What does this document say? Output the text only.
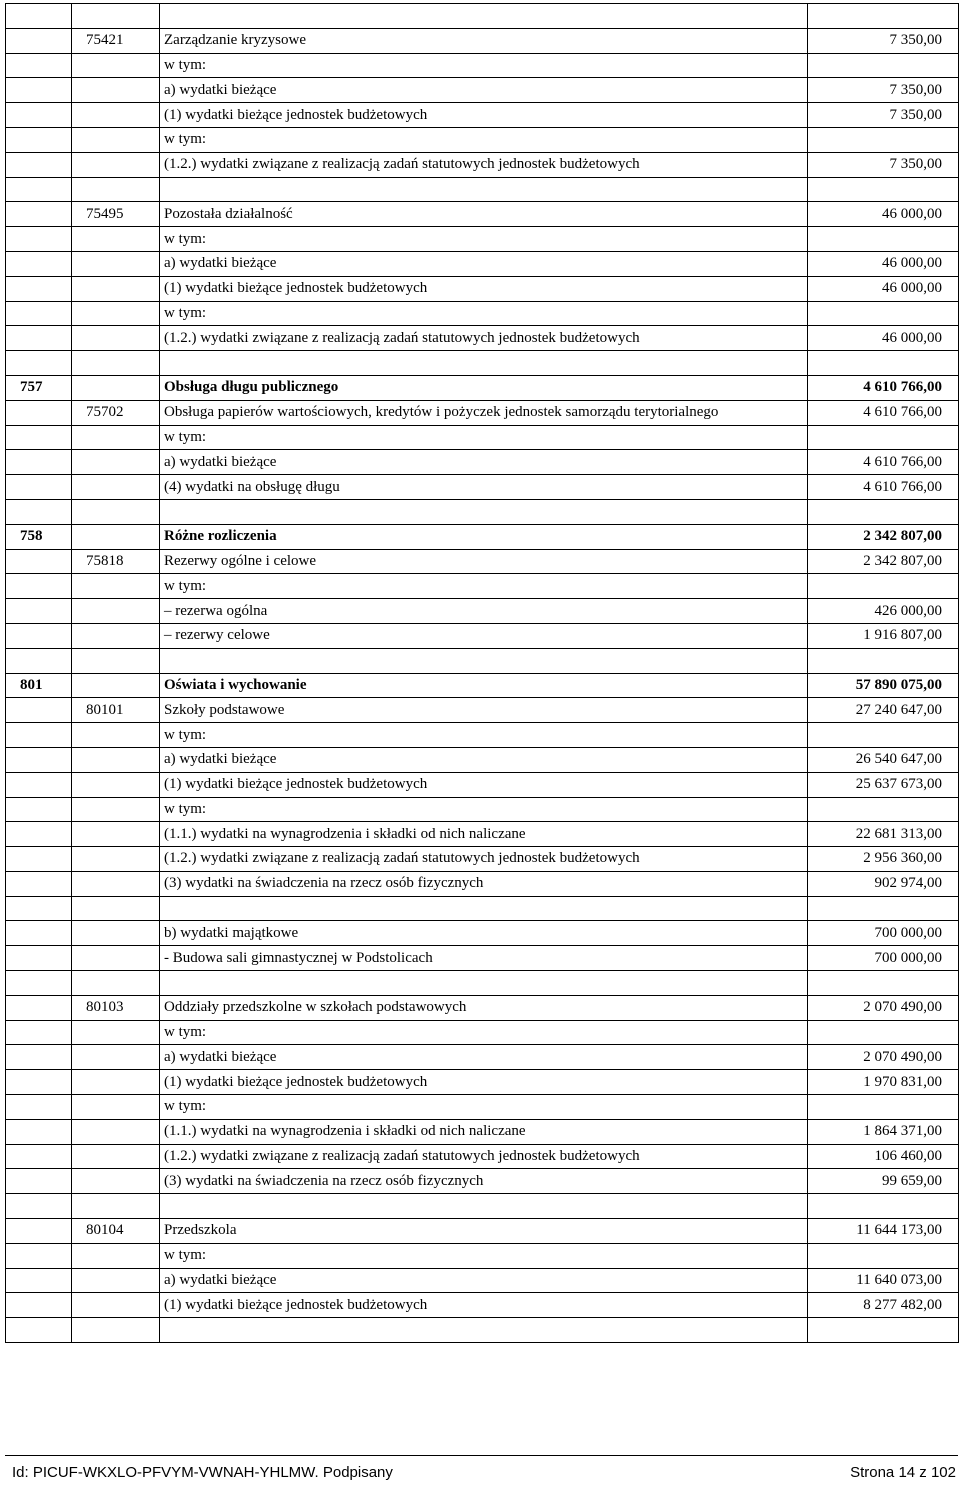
	75421	Zarządzanie kryzysowe	7 350,00
		w tym:	
		a) wydatki bieżące	7 350,00
		(1) wydatki bieżące jednostek budżetowych	7 350,00
		w tym:	
		(1.2.) wydatki związane z realizacją zadań statutowych jednostek budżetowych	7 350,00

	75495	Pozostała działalność	46 000,00
		w tym:	
		a) wydatki bieżące	46 000,00
		(1) wydatki bieżące jednostek budżetowych	46 000,00
		w tym:	
		(1.2.) wydatki związane z realizacją zadań statutowych jednostek budżetowych	46 000,00

757		Obsługa długu publicznego	4 610 766,00
	75702	Obsługa papierów wartościowych, kredytów i pożyczek jednostek samorządu terytorialnego	4 610 766,00
		w tym:	
		a) wydatki bieżące	4 610 766,00
		(4) wydatki na obsługę długu	4 610 766,00

758		Różne rozliczenia	2 342 807,00
	75818	Rezerwy ogólne i celowe	2 342 807,00
		w tym:	
		– rezerwa ogólna	426 000,00
		– rezerwy celowe	1 916 807,00

801		Oświata i wychowanie	57 890 075,00
	80101	Szkoły podstawowe	27 240 647,00
		w tym:	
		a) wydatki bieżące	26 540 647,00
		(1) wydatki bieżące jednostek budżetowych	25 637 673,00
		w tym:	
		(1.1.) wydatki na wynagrodzenia i składki od nich naliczane	22 681 313,00
		(1.2.) wydatki związane z realizacją zadań statutowych jednostek budżetowych	2 956 360,00
		(3) wydatki na świadczenia na rzecz osób fizycznych	902 974,00

		b) wydatki majątkowe	700 000,00
		- Budowa sali gimnastycznej w Podstolicach	700 000,00

	80103	Oddziały przedszkolne w szkołach podstawowych	2 070 490,00
		w tym:	
		a) wydatki bieżące	2 070 490,00
		(1) wydatki bieżące jednostek budżetowych	1 970 831,00
		w tym:	
		(1.1.) wydatki na wynagrodzenia i składki od nich naliczane	1 864 371,00
		(1.2.) wydatki związane z realizacją zadań statutowych jednostek budżetowych	106 460,00
		(3) wydatki na świadczenia na rzecz osób fizycznych	99 659,00

	80104	Przedszkola	11 644 173,00
		w tym:	
		a) wydatki bieżące	11 640 073,00
		(1) wydatki bieżące jednostek budżetowych	8 277 482,00

Id: PICUF-WKXLO-PFVYM-VWNAH-YHLMW. Podpisany	Strona 14 z 102
